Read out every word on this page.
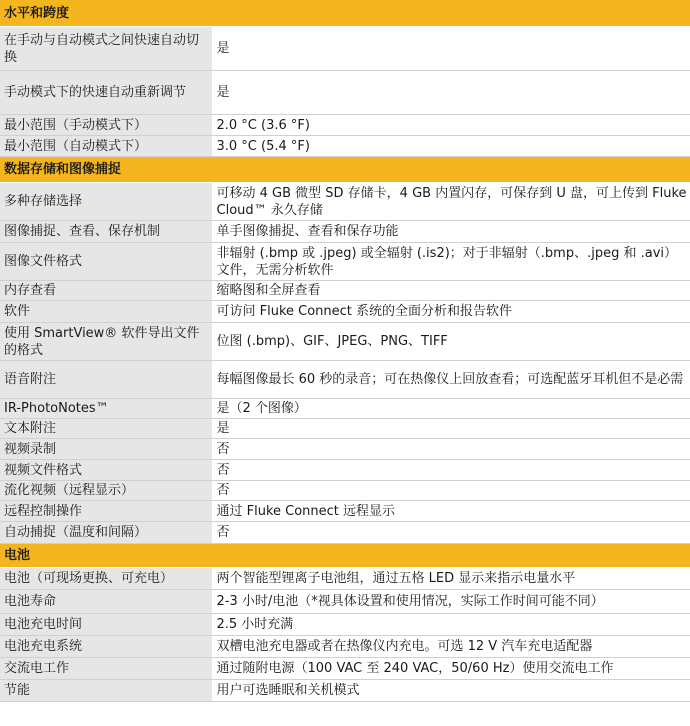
水平和跨度	
在手动与自动模式之间快速自动切换	是
手动模式下的快速自动重新调节	是
最小范围（手动模式下）	2.0 °C (3.6 °F)
最小范围（自动模式下）	3.0 °C (5.4 °F)
数据存储和图像捕捉	
多种存储选择	可移动 4 GB 微型 SD 存储卡，4 GB 内置闪存，可保存到 U 盘，可上传到 Fluke Cloud™ 永久存储
图像捕捉、查看、保存机制	单手图像捕捉、查看和保存功能
图像文件格式	非辐射 (.bmp 或 .jpeg) 或全辐射 (.is2)；对于非辐射（.bmp、.jpeg 和 .avi）文件，无需分析软件
内存查看	缩略图和全屏查看
软件	可访问 Fluke Connect 系统的全面分析和报告软件
使用 SmartView® 软件导出文件的格式	位图 (.bmp)、GIF、JPEG、PNG、TIFF
语音附注	每幅图像最长 60 秒的录音；可在热像仪上回放查看；可选配蓝牙耳机但不是必需
IR-PhotoNotes™	是（2 个图像）
文本附注	是
视频录制	否
视频文件格式	否
流化视频（远程显示）	否
远程控制操作	通过 Fluke Connect 远程显示
自动捕捉（温度和间隔）	否
电池	
电池（可现场更换、可充电）	两个智能型锂离子电池组，通过五格 LED 显示来指示电量水平
电池寿命	2-3 小时/电池（*视具体设置和使用情况，实际工作时间可能不同）
电池充电时间	2.5 小时充满
电池充电系统	双槽电池充电器或者在热像仪内充电。可选 12 V 汽车充电适配器
交流电工作	通过随附电源（100 VAC 至 240 VAC，50/60 Hz）使用交流电工作
节能	用户可选睡眠和关机模式
